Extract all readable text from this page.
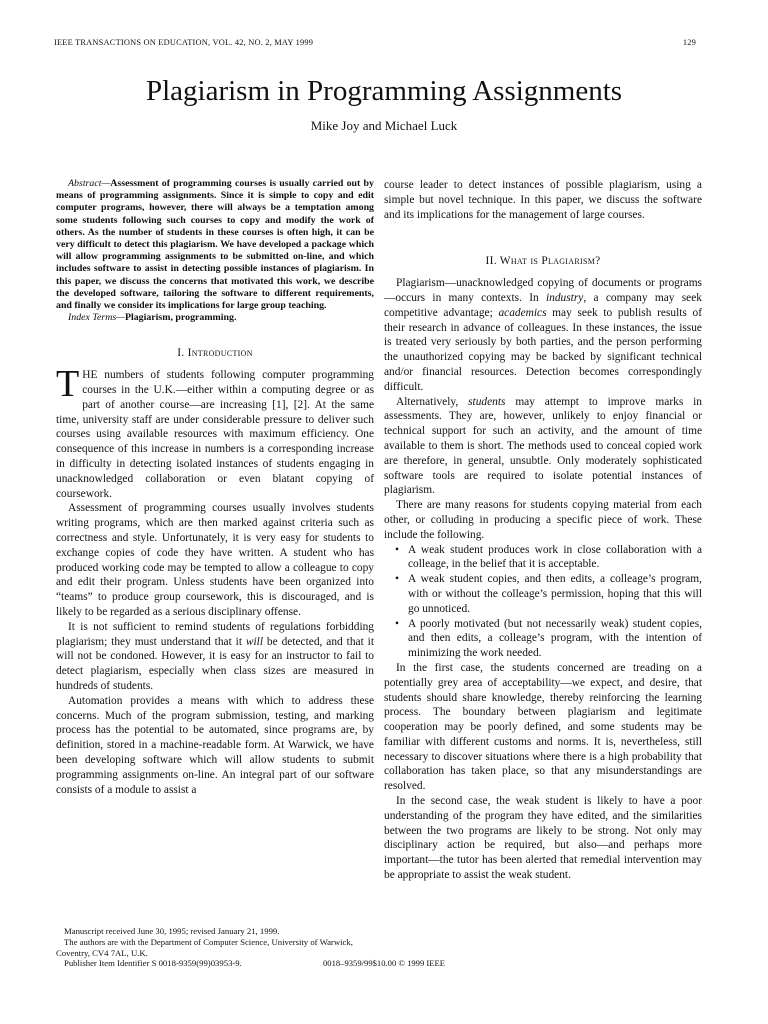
IEEE TRANSACTIONS ON EDUCATION, VOL. 42, NO. 2, MAY 1999	129
Plagiarism in Programming Assignments
Mike Joy and Michael Luck

Abstract—Assessment of programming courses is usually carried out by means of programming assignments. Since it is simple to copy and edit computer programs, however, there will always be a temptation among some students following such courses to copy and modify the work of others. As the number of students in these courses is often high, it can be very difficult to detect this plagiarism. We have developed a package which will allow programming assignments to be submitted on-line, and which includes software to assist in detecting possible instances of plagiarism. In this paper, we discuss the concerns that motivated this work, we describe the developed software, tailoring the software to different requirements, and finally we consider its implications for large group teaching.

Index Terms—Plagiarism, programming.

I. Introduction

THE numbers of students following computer programming courses in the U.K.—either within a computing degree or as part of another course—are increasing [1], [2]. At the same time, university staff are under considerable pressure to deliver such courses using available resources with maximum efficiency. One consequence of this increase in numbers is a corresponding increase in difficulty in detecting isolated instances of students engaging in unacknowledged collaboration or even blatant copying of coursework.

Assessment of programming courses usually involves students writing programs, which are then marked against criteria such as correctness and style. Unfortunately, it is very easy for students to exchange copies of code they have written. A student who has produced working code may be tempted to allow a colleague to copy and edit their program. Unless students have been organized into “teams” to produce group coursework, this is discouraged, and is likely to be regarded as a serious disciplinary offense.

It is not sufficient to remind students of regulations forbidding plagiarism; they must understand that it will be detected, and that it will not be condoned. However, it is easy for an instructor to fail to detect plagiarism, especially when class sizes are measured in hundreds of students.

Automation provides a means with which to address these concerns. Much of the program submission, testing, and marking process has the potential to be automated, since programs are, by definition, stored in a machine-readable form. At Warwick, we have been developing software which will allow students to submit programming assignments on-line. An integral part of our software consists of a module to assist a

Manuscript received June 30, 1995; revised January 21, 1999.

The authors are with the Department of Computer Science, University of Warwick, Coventry, CV4 7AL, U.K.

Publisher Item Identifier S 0018-9359(99)03953-9.

course leader to detect instances of possible plagiarism, using a simple but novel technique. In this paper, we discuss the software and its implications for the management of large courses.

II. What is Plagiarism?

Plagiarism—unacknowledged copying of documents or programs—occurs in many contexts. In industry, a company may seek competitive advantage; academics may seek to publish results of their research in advance of colleagues. In these instances, the issue is treated very seriously by both parties, and the person performing the unauthorized copying may be backed by significant technical and/or financial resources. Detection becomes correspondingly difficult.

Alternatively, students may attempt to improve marks in assessments. They are, however, unlikely to enjoy financial or technical support for such an activity, and the amount of time available to them is short. The methods used to conceal copied work are therefore, in general, unsubtle. Only moderately sophisticated software tools are required to isolate potential instances of plagiarism.

There are many reasons for students copying material from each other, or colluding in producing a specific piece of work. These include the following.

• A weak student produces work in close collaboration with a colleage, in the belief that it is acceptable.
• A weak student copies, and then edits, a colleage’s program, with or without the colleage’s permission, hoping that this will go unnoticed.
• A poorly motivated (but not necessarily weak) student copies, and then edits, a colleage’s program, with the intention of minimizing the work needed.

In the first case, the students concerned are treading on a potentially grey area of acceptability—we expect, and desire, that students should share knowledge, thereby reinforcing the learning process. The boundary between plagiarism and legitimate cooperation may be poorly defined, and some students may be familiar with different customs and norms. It is, nevertheless, still necessary to discover situations where there is a high probability that collaboration has taken place, so that any misunderstandings are resolved.

In the second case, the weak student is likely to have a poor understanding of the program they have edited, and the similarities between the two programs are likely to be strong. Not only may disciplinary action be required, but also—and perhaps more important—the tutor has been alerted that remedial intervention may be appropriate to assist the weak student.

0018–9359/99$10.00 © 1999 IEEE
